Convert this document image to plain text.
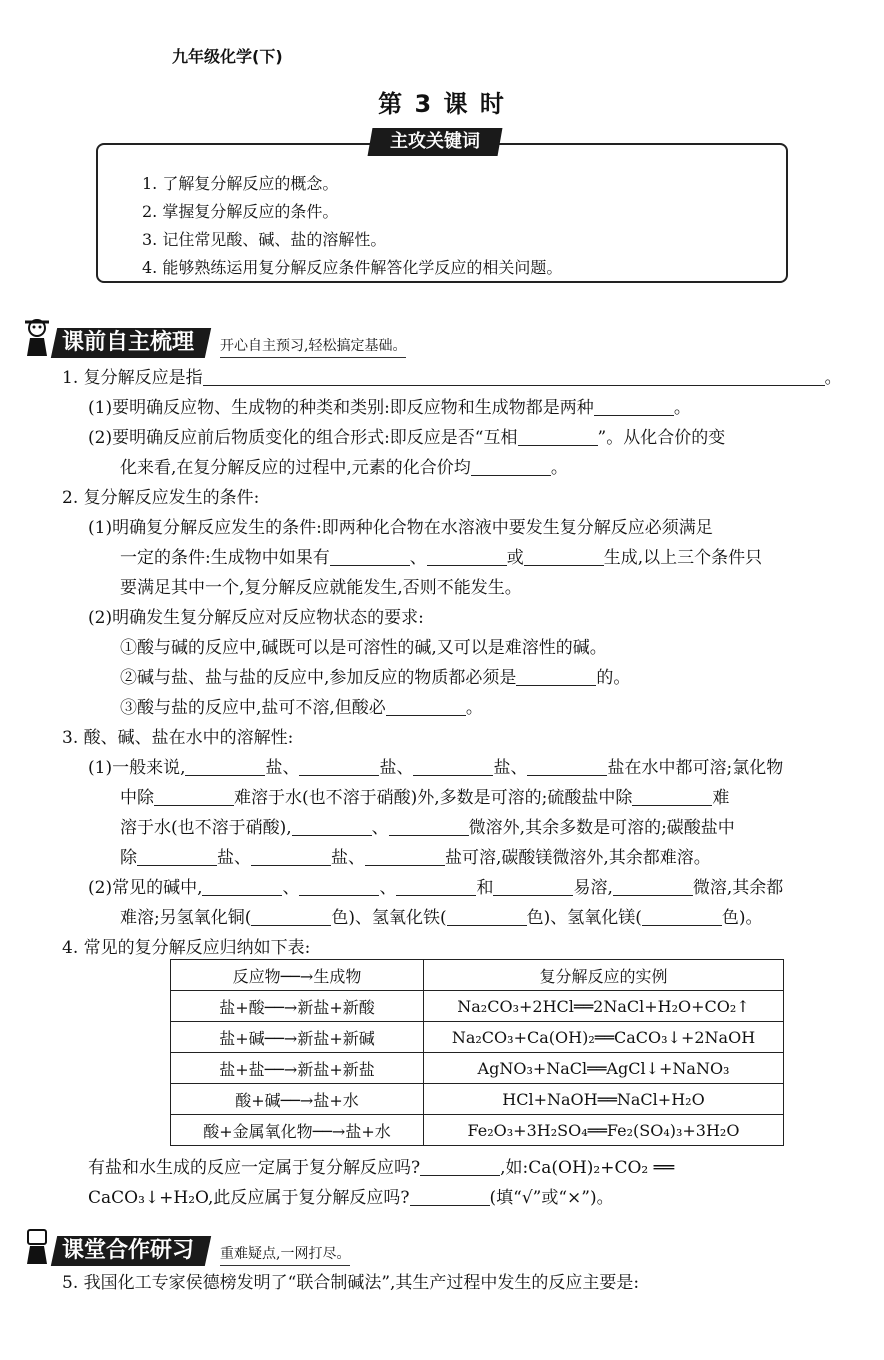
九年级化学(下)
第 3 课 时
主攻关键词
1. 了解复分解反应的概念。
2. 掌握复分解反应的条件。
3. 记住常见酸、碱、盐的溶解性。
4. 能够熟练运用复分解反应条件解答化学反应的相关问题。
课前自主梳理	开心自主预习,轻松搞定基础。
1. 复分解反应是指	。
(1)要明确反应物、生成物的种类和类别:即反应物和生成物都是两种	。
(2)要明确反应前后物质变化的组合形式:即反应是否“互相	”。从化合价的变
化来看,在复分解反应的过程中,元素的化合价均	。
2. 复分解反应发生的条件:
(1)明确复分解反应发生的条件:即两种化合物在水溶液中要发生复分解反应必须满足
一定的条件:生成物中如果有	、	或	生成,以上三个条件只
要满足其中一个,复分解反应就能发生,否则不能发生。
(2)明确发生复分解反应对反应物状态的要求:
①酸与碱的反应中,碱既可以是可溶性的碱,又可以是难溶性的碱。
②碱与盐、盐与盐的反应中,参加反应的物质都必须是	的。
③酸与盐的反应中,盐可不溶,但酸必	。
3. 酸、碱、盐在水中的溶解性:
(1)一般来说,	盐、	盐、	盐、	盐在水中都可溶;氯化物
中除	难溶于水(也不溶于硝酸)外,多数是可溶的;硫酸盐中除	难
溶于水(也不溶于硝酸),	、	微溶外,其余多数是可溶的;碳酸盐中
除	盐、	盐、	盐可溶,碳酸镁微溶外,其余都难溶。
(2)常见的碱中,	、	、	和	易溶,	微溶,其余都
难溶;另氢氧化铜(	色)、氢氧化铁(	色)、氢氧化镁(	色)。
4. 常见的复分解反应归纳如下表:
反应物──→生成物	复分解反应的实例
盐+酸──→新盐+新酸	Na₂CO₃+2HCl══2NaCl+H₂O+CO₂↑
盐+碱──→新盐+新碱	Na₂CO₃+Ca(OH)₂══CaCO₃↓+2NaOH
盐+盐──→新盐+新盐	AgNO₃+NaCl══AgCl↓+NaNO₃
酸+碱──→盐+水	HCl+NaOH══NaCl+H₂O
酸+金属氧化物──→盐+水	Fe₂O₃+3H₂SO₄══Fe₂(SO₄)₃+3H₂O
有盐和水生成的反应一定属于复分解反应吗?	,如:Ca(OH)₂+CO₂ ══
CaCO₃↓+H₂O,此反应属于复分解反应吗?	(填“√”或“×”)。
课堂合作研习	重难疑点,一网打尽。
5. 我国化工专家侯德榜发明了“联合制碱法”,其生产过程中发生的反应主要是:
